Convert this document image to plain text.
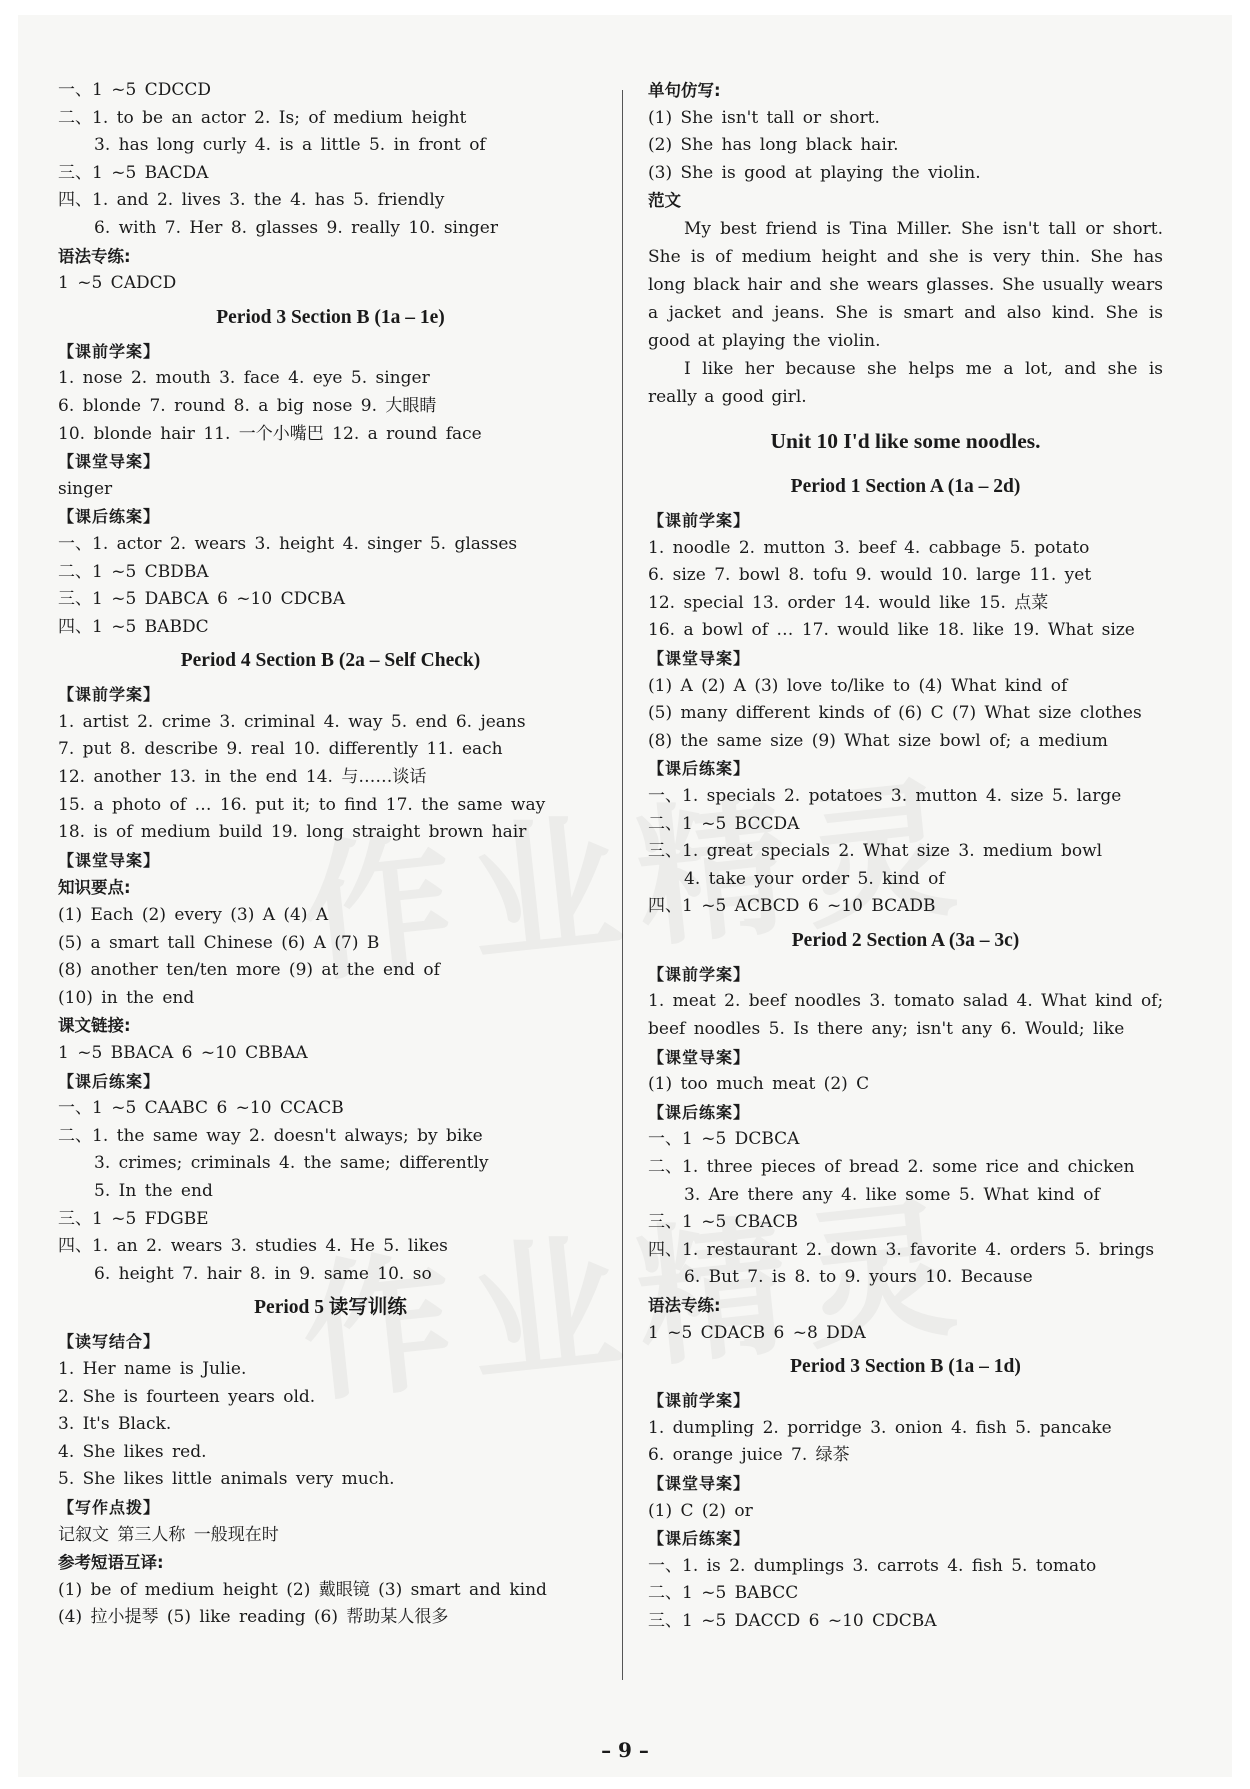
一、1 ~5 CDCCD
二、1. to be an actor 2. Is; of medium height
3. has long curly 4. is a little 5. in front of
三、1 ~5 BACDA
四、1. and 2. lives 3. the 4. has 5. friendly
6. with 7. Her 8. glasses 9. really 10. singer
语法专练:
1 ~5 CADCD
Period 3 Section B (1a – 1e)
【课前学案】
1. nose 2. mouth 3. face 4. eye 5. singer
6. blonde 7. round 8. a big nose 9. 大眼睛
10. blonde hair 11. 一个小嘴巴 12. a round face
【课堂导案】
singer
【课后练案】
一、1. actor 2. wears 3. height 4. singer 5. glasses
二、1 ~5 CBDBA
三、1 ~5 DABCA 6 ~10 CDCBA
四、1 ~5 BABDC
Period 4 Section B (2a – Self Check)
【课前学案】
1. artist 2. crime 3. criminal 4. way 5. end 6. jeans
7. put 8. describe 9. real 10. differently 11. each
12. another 13. in the end 14. 与……谈话
15. a photo of … 16. put it; to find 17. the same way
18. is of medium build 19. long straight brown hair
【课堂导案】
知识要点:
(1) Each (2) every (3) A (4) A
(5) a smart tall Chinese (6) A (7) B
(8) another ten/ten more (9) at the end of
(10) in the end
课文链接:
1 ~5 BBACA 6 ~10 CBBAA
【课后练案】
一、1 ~5 CAABC 6 ~10 CCACB
二、1. the same way 2. doesn't always; by bike
3. crimes; criminals 4. the same; differently
5. In the end
三、1 ~5 FDGBE
四、1. an 2. wears 3. studies 4. He 5. likes
6. height 7. hair 8. in 9. same 10. so
Period 5 读写训练
【读写结合】
1. Her name is Julie.
2. She is fourteen years old.
3. It's Black.
4. She likes red.
5. She likes little animals very much.
【写作点拨】
记叙文 第三人称 一般现在时
参考短语互译:
(1) be of medium height (2) 戴眼镜 (3) smart and kind
(4) 拉小提琴 (5) like reading (6) 帮助某人很多
单句仿写:
(1) She isn't tall or short.
(2) She has long black hair.
(3) She is good at playing the violin.
范文

My best friend is Tina Miller. She isn't tall or short. She is of medium height and she is very thin. She has long black hair and she wears glasses. She usually wears a jacket and jeans. She is smart and also kind. She is good at playing the violin.

I like her because she helps me a lot, and she is really a good girl.

Unit 10 I'd like some noodles.
Period 1 Section A (1a – 2d)
【课前学案】
1. noodle 2. mutton 3. beef 4. cabbage 5. potato
6. size 7. bowl 8. tofu 9. would 10. large 11. yet
12. special 13. order 14. would like 15. 点菜
16. a bowl of … 17. would like 18. like 19. What size
【课堂导案】
(1) A (2) A (3) love to/like to (4) What kind of
(5) many different kinds of (6) C (7) What size clothes
(8) the same size (9) What size bowl of; a medium
【课后练案】
一、1. specials 2. potatoes 3. mutton 4. size 5. large
二、1 ~5 BCCDA
三、1. great specials 2. What size 3. medium bowl
4. take your order 5. kind of
四、1 ~5 ACBCD 6 ~10 BCADB
Period 2 Section A (3a – 3c)
【课前学案】
1. meat 2. beef noodles 3. tomato salad 4. What kind of;
beef noodles 5. Is there any; isn't any 6. Would; like
【课堂导案】
(1) too much meat (2) C
【课后练案】
一、1 ~5 DCBCA
二、1. three pieces of bread 2. some rice and chicken
3. Are there any 4. like some 5. What kind of
三、1 ~5 CBACB
四、1. restaurant 2. down 3. favorite 4. orders 5. brings
6. But 7. is 8. to 9. yours 10. Because
语法专练:
1 ~5 CDACB 6 ~8 DDA
Period 3 Section B (1a – 1d)
【课前学案】
1. dumpling 2. porridge 3. onion 4. fish 5. pancake
6. orange juice 7. 绿茶
【课堂导案】
(1) C (2) or
【课后练案】
一、1. is 2. dumplings 3. carrots 4. fish 5. tomato
二、1 ~5 BABCC
三、1 ~5 DACCD 6 ~10 CDCBA
– 9 –
